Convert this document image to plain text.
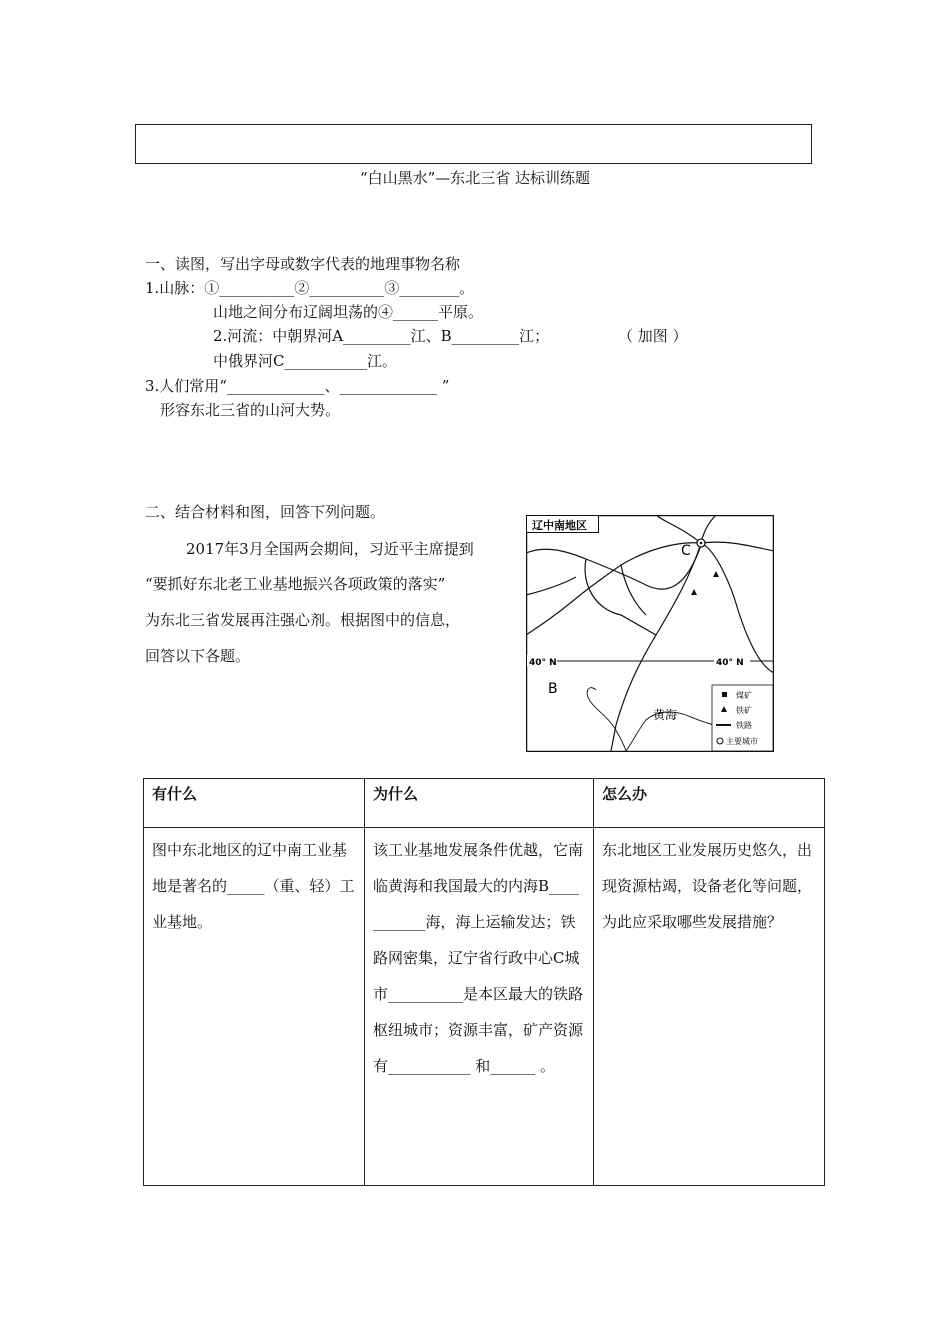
“白山黑水”—东北三省 达标训练题
一、读图，写出字母或数字代表的地理事物名称
1.山脉：①__________②__________③________。
山地之间分布辽阔坦荡的④______平原。
2.河流：中朝界河A_________江、B_________江；	（ 加图 ）
中俄界河C___________江。
3.人们常用“_____________、_____________ ”
形容东北三省的山河大势。
二、结合材料和图，回答下列问题。
2017年3月全国两会期间，习近平主席提到
“要抓好东北老工业基地振兴各项政策的落实”
为东北三省发展再注强心剂。根据图中的信息，
回答以下各题。
辽中南地区
40° N	40° N
C
B
黄海
煤矿
铁矿
铁路
主要城市
有什么	为什么	怎么办

图中东北地区的辽中南工业基地是著名的_____（重、轻）工业基地。	该工业基地发展条件优越，它南临黄海和我国最大的内海B___________海，海上运输发达；铁路网密集，辽宁省行政中心C城市__________是本区最大的铁路枢纽城市；资源丰富，矿产资源有___________ 和______ 。	东北地区工业发展历史悠久，出现资源枯竭，设备老化等问题，为此应采取哪些发展措施？
